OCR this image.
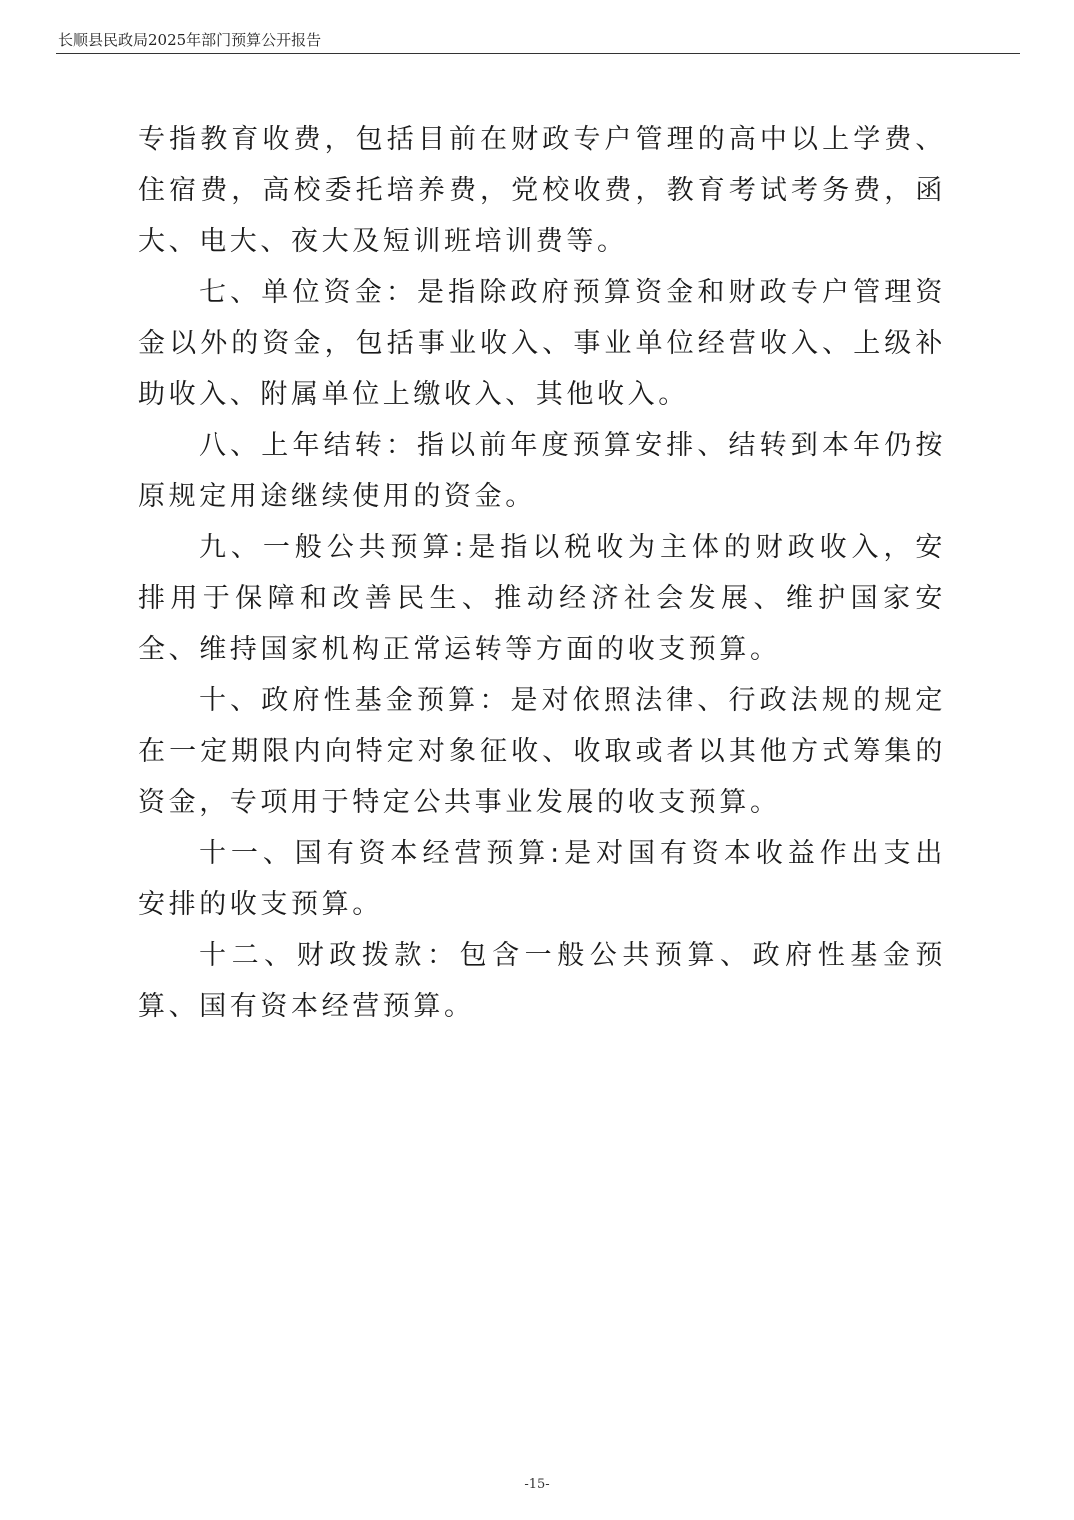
长顺县民政局2025年部门预算公开报告

专指教育收费，包括目前在财政专户管理的高中以上学费、住宿费，高校委托培养费，党校收费，教育考试考务费，函大、电大、夜大及短训班培训费等。

七、单位资金：是指除政府预算资金和财政专户管理资金以外的资金，包括事业收入、事业单位经营收入、上级补助收入、附属单位上缴收入、其他收入。

八、上年结转：指以前年度预算安排、结转到本年仍按原规定用途继续使用的资金。

九、一般公共预算:是指以税收为主体的财政收入，安排用于保障和改善民生、推动经济社会发展、维护国家安全、维持国家机构正常运转等方面的收支预算。

十、政府性基金预算：是对依照法律、行政法规的规定在一定期限内向特定对象征收、收取或者以其他方式筹集的资金，专项用于特定公共事业发展的收支预算。

十一、国有资本经营预算:是对国有资本收益作出支出安排的收支预算。

十二、财政拨款：包含一般公共预算、政府性基金预算、国有资本经营预算。

-15-
